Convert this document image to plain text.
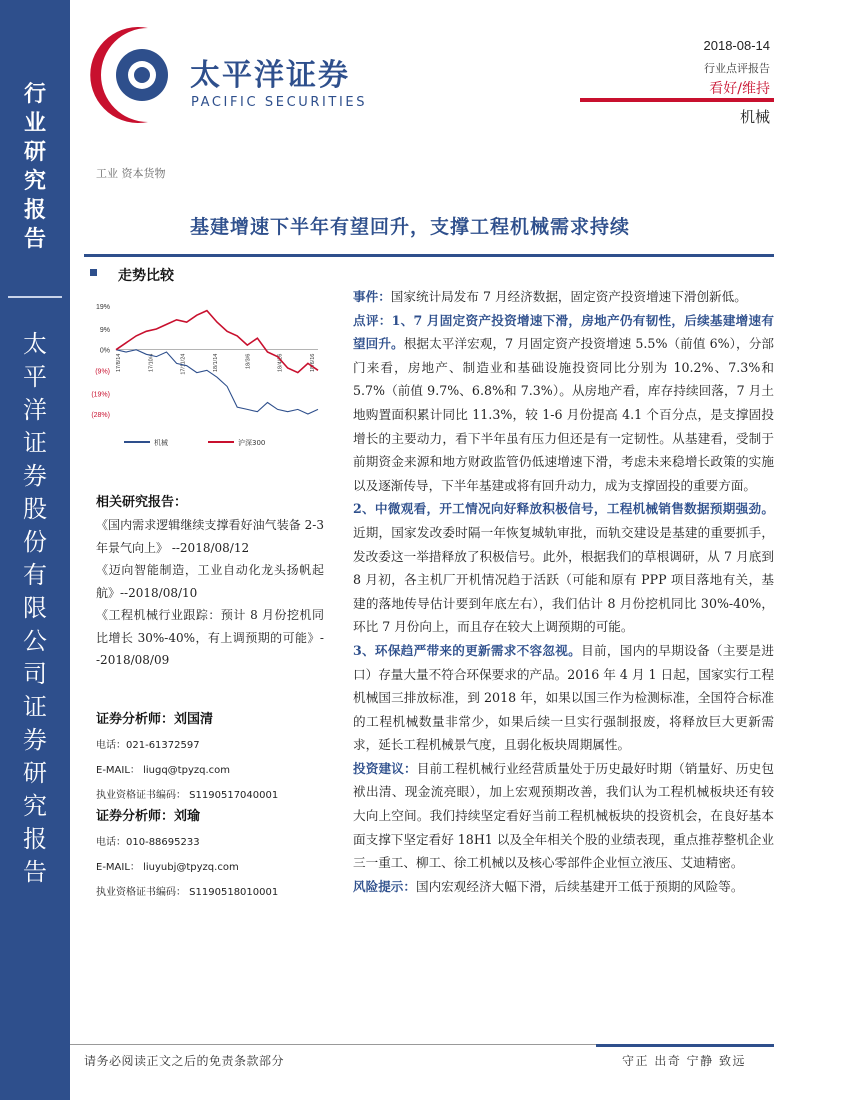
行业研究报告
太平洋证券股份有限公司证券研究报告
太平洋证券
PACIFIC SECURITIES
2018-08-14
行业点评报告
看好/维持
机械
工业 资本货物
基建增速下半年有望回升，支撑工程机械需求持续
走势比较
19%
9%
0%
(9%)
(19%)
(28%)
17/8/14	17/10/4	17/11/24	18/1/14	18/3/6	18/4/26	18/6/16
机械	沪深300
相关研究报告：

《国内需求逻辑继续支撑看好油气装备 2-3 年景气向上》 --2018/08/12

《迈向智能制造，工业自动化龙头扬帆起航》--2018/08/10

《工程机械行业跟踪：预计 8 月份挖机同比增长 30%-40%，有上调预期的可能》--2018/08/09

证券分析师：刘国清
电话：021-61372597
E-MAIL： liugq@tpyzq.com
执业资格证书编码： S1190517040001
证券分析师：刘瑜
电话：010-88695233
E-MAIL： liuyubj@tpyzq.com
执业资格证书编码： S1190518010001

事件：国家统计局发布 7 月经济数据，固定资产投资增速下滑创新低。

点评：1、7 月固定资产投资增速下滑，房地产仍有韧性，后续基建增速有望回升。根据太平洋宏观，7 月固定资产投资增速 5.5%（前值 6%），分部门来看，房地产、制造业和基础设施投资同比分别为 10.2%、7.3%和 5.7%（前值 9.7%、6.8%和 7.3%）。从房地产看，库存持续回落，7 月土地购置面积累计同比 11.3%，较 1-6 月份提高 4.1 个百分点，是支撑固投增长的主要动力，看下半年虽有压力但还是有一定韧性。从基建看，受制于前期资金来源和地方财政监管仍低速增速下滑，考虑未来稳增长政策的实施以及逐渐传导，下半年基建或将有回升动力，成为支撑固投的重要方面。

2、中微观看，开工情况向好释放积极信号，工程机械销售数据预期强劲。近期，国家发改委时隔一年恢复城轨审批，而轨交建设是基建的重要抓手，发改委这一举措释放了积极信号。此外，根据我们的草根调研，从 7 月底到 8 月初，各主机厂开机情况趋于活跃（可能和原有 PPP 项目落地有关，基建的落地传导估计要到年底左右），我们估计 8 月份挖机同比 30%-40%，环比 7 月份向上，而且存在较大上调预期的可能。

3、环保趋严带来的更新需求不容忽视。目前，国内的早期设备（主要是进口）存量大量不符合环保要求的产品。2016 年 4 月 1 日起，国家实行工程机械国三排放标准，到 2018 年，如果以国三作为检测标准，全国符合标准的工程机械数量非常少，如果后续一旦实行强制报废，将释放巨大更新需求，延长工程机械景气度，且弱化板块周期属性。

投资建议：目前工程机械行业经营质量处于历史最好时期（销量好、历史包袱出清、现金流亮眼），加上宏观预期改善，我们认为工程机械板块还有较大向上空间。我们持续坚定看好当前工程机械板块的投资机会，在良好基本面支撑下坚定看好 18H1 以及全年相关个股的业绩表现，重点推荐整机企业三一重工、柳工、徐工机械以及核心零部件企业恒立液压、艾迪精密。

风险提示：国内宏观经济大幅下滑，后续基建开工低于预期的风险等。

请务必阅读正文之后的免责条款部分	守正 出奇 宁静 致远
